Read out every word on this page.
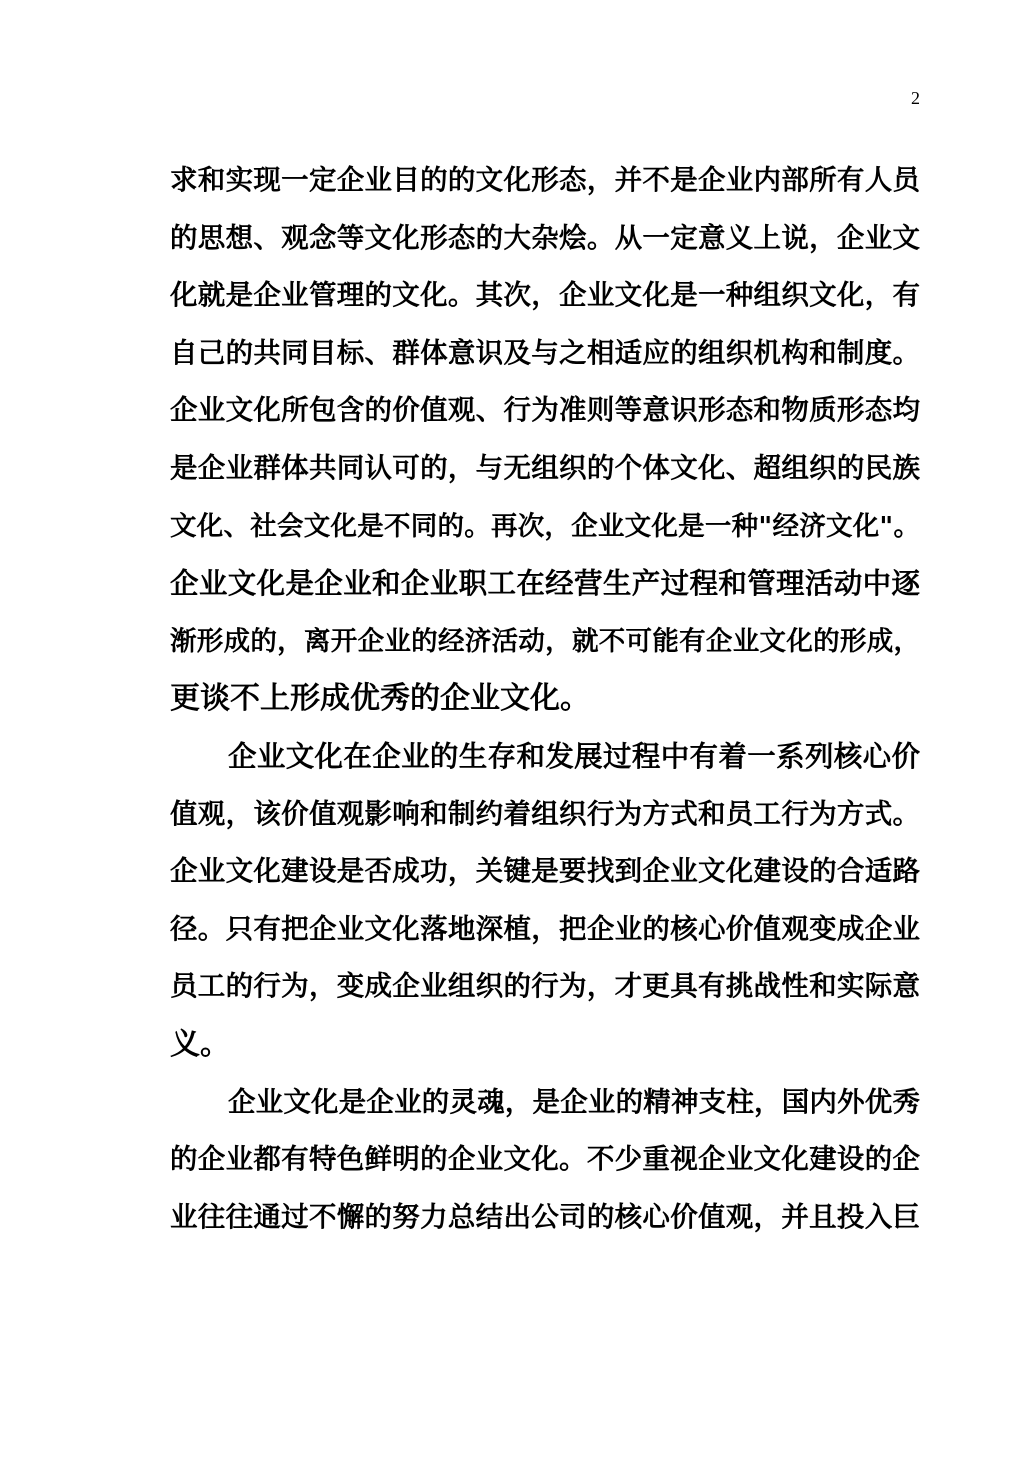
2
求和实现一定企业目的的文化形态，并不是企业内部所有人员
的思想、观念等文化形态的大杂烩。从一定意义上说，企业文
化就是企业管理的文化。其次，企业文化是一种组织文化，有
自己的共同目标、群体意识及与之相适应的组织机构和制度。
企业文化所包含的价值观、行为准则等意识形态和物质形态均
是企业群体共同认可的，与无组织的个体文化、超组织的民族
文化、社会文化是不同的。再次，企业文化是一种"经济文化"。
企业文化是企业和企业职工在经营生产过程和管理活动中逐
渐形成的，离开企业的经济活动，就不可能有企业文化的形成，
更谈不上形成优秀的企业文化。
企业文化在企业的生存和发展过程中有着一系列核心价
值观，该价值观影响和制约着组织行为方式和员工行为方式。
企业文化建设是否成功，关键是要找到企业文化建设的合适路
径。只有把企业文化落地深植，把企业的核心价值观变成企业
员工的行为，变成企业组织的行为，才更具有挑战性和实际意
义。
企业文化是企业的灵魂，是企业的精神支柱，国内外优秀
的企业都有特色鲜明的企业文化。不少重视企业文化建设的企
业往往通过不懈的努力总结出公司的核心价值观，并且投入巨
